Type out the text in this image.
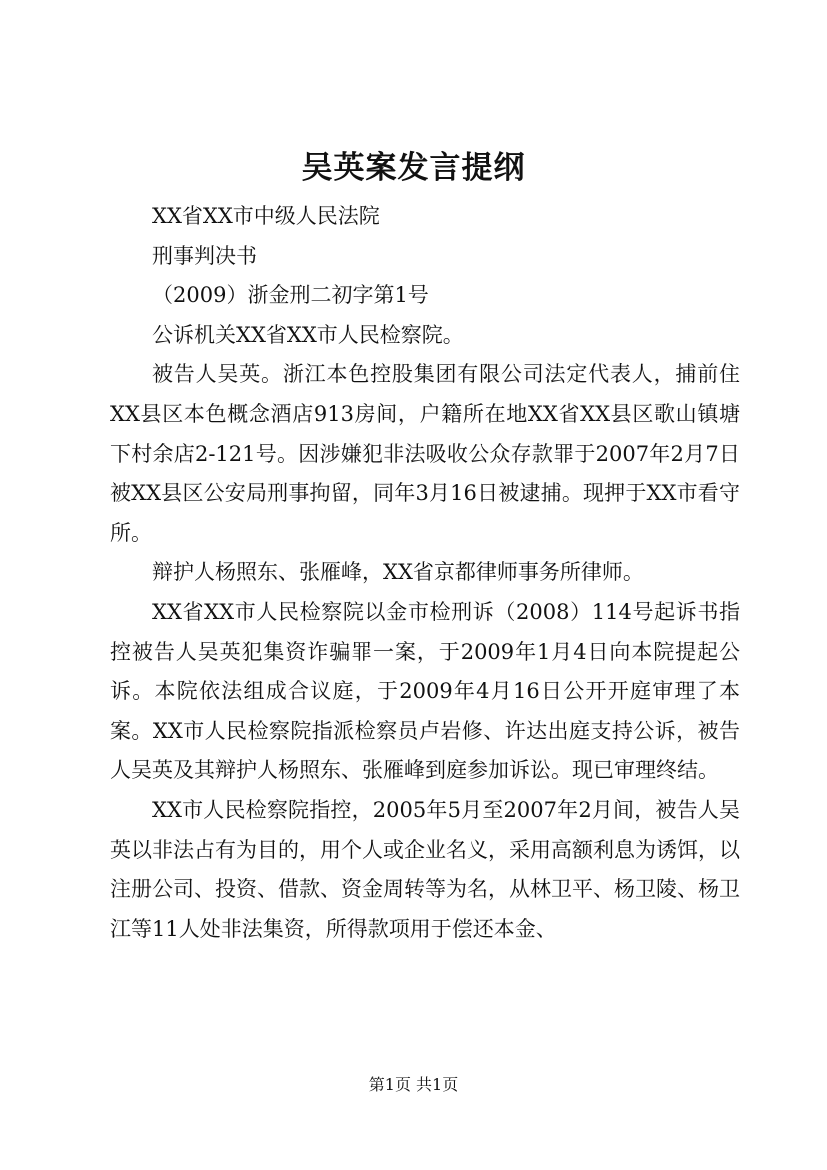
吴英案发言提纲

XX省XX市中级人民法院

刑事判决书

（2009）浙金刑二初字第1号

公诉机关XX省XX市人民检察院。

被告人吴英。浙江本色控股集团有限公司法定代表人，捕前住XX县区本色概念酒店913房间，户籍所在地XX省XX县区歌山镇塘下村余店2-121号。因涉嫌犯非法吸收公众存款罪于2007年2月7日被XX县区公安局刑事拘留，同年3月16日被逮捕。现押于XX市看守所。

辩护人杨照东、张雁峰，XX省京都律师事务所律师。

XX省XX市人民检察院以金市检刑诉（2008）114号起诉书指控被告人吴英犯集资诈骗罪一案，于2009年1月4日向本院提起公诉。本院依法组成合议庭，于2009年4月16日公开开庭审理了本案。XX市人民检察院指派检察员卢岩修、许达出庭支持公诉，被告人吴英及其辩护人杨照东、张雁峰到庭参加诉讼。现已审理终结。

XX市人民检察院指控，2005年5月至2007年2月间，被告人吴英以非法占有为目的，用个人或企业名义，采用高额利息为诱饵，以注册公司、投资、借款、资金周转等为名，从林卫平、杨卫陵、杨卫江等11人处非法集资，所得款项用于偿还本金、

第1页 共1页
